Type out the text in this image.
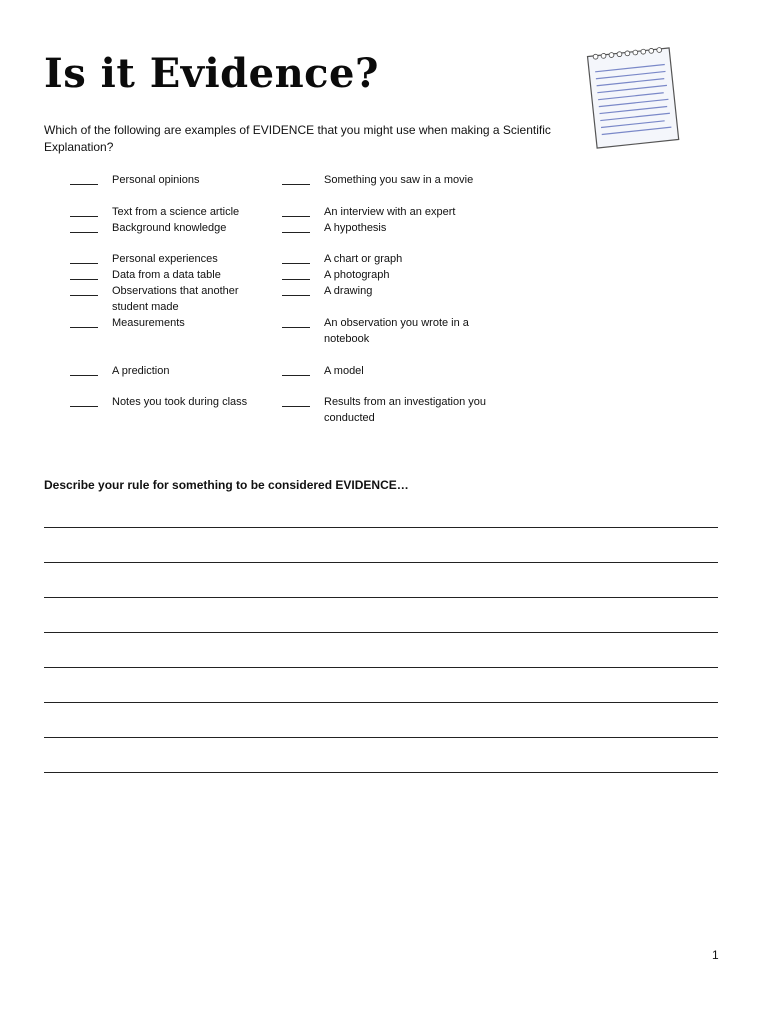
Is it Evidence?
Which of the following are examples of EVIDENCE that you might use when making a Scientific Explanation?
Personal opinions
Text from a science article
Background knowledge
Personal experiences
Data from a data table
Observations that another student made
Measurements
A prediction
Notes you took during class
Something you saw in a movie
An interview with an expert
A hypothesis
A chart or graph
A photograph
A drawing
An observation you wrote in a notebook
A model
Results from an investigation you conducted
Describe your rule for something to be considered EVIDENCE…
1
